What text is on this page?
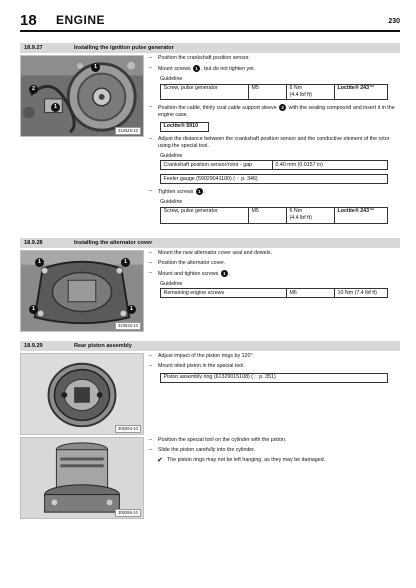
18 ENGINE	230
18.9.27	Installing the ignition pulse generator
1
2
1
310545-10
– Position the crankshaft position sensor.
– Mount screws 1 , but do not tighten yet.
Guideline
Screw, pulse generator	M5	6 Nm
(4.4 lbf ft)	Loctite® 243™
– Position the cable, thinly coat cable support sleeve 2 with the sealing compound and insert it in the engine case.
Loctite® 5910
– Adjust the distance between the crankshaft position sensor and the conductive element of the rotor using the special tool.
Guideline
Crankshaft position sensor/rotor - gap	0.40 mm (0.0157 in)
Feeler gauge (59029041100) (☞ p. 346)
– Tighten screws 1 .
Guideline
Screw, pulse generator	M5	6 Nm
(4.4 lbf ft)	Loctite® 243™
18.9.28	Installing the alternator cover
1	1
1	1
310532-10
– Mount the new alternator cover seal and dowels.
– Position the alternator cover.
– Mount and tighten screws 1 .
Guideline
Remaining engine screws	M6	10 Nm (7.4 lbf ft)
18.9.29	Rear piston assembly
309394-10
309395-10
– Adjust impact of the piston rings by 120°.
– Mount oiled piston in the special tool.
Piston assembly ring (61329015108) (☞ p. 351)
– Position the special tool on the cylinder with the piston.
– Slide the piston carefully into the cylinder.
✔ The piston rings may not be left hanging, as they may be damaged.
